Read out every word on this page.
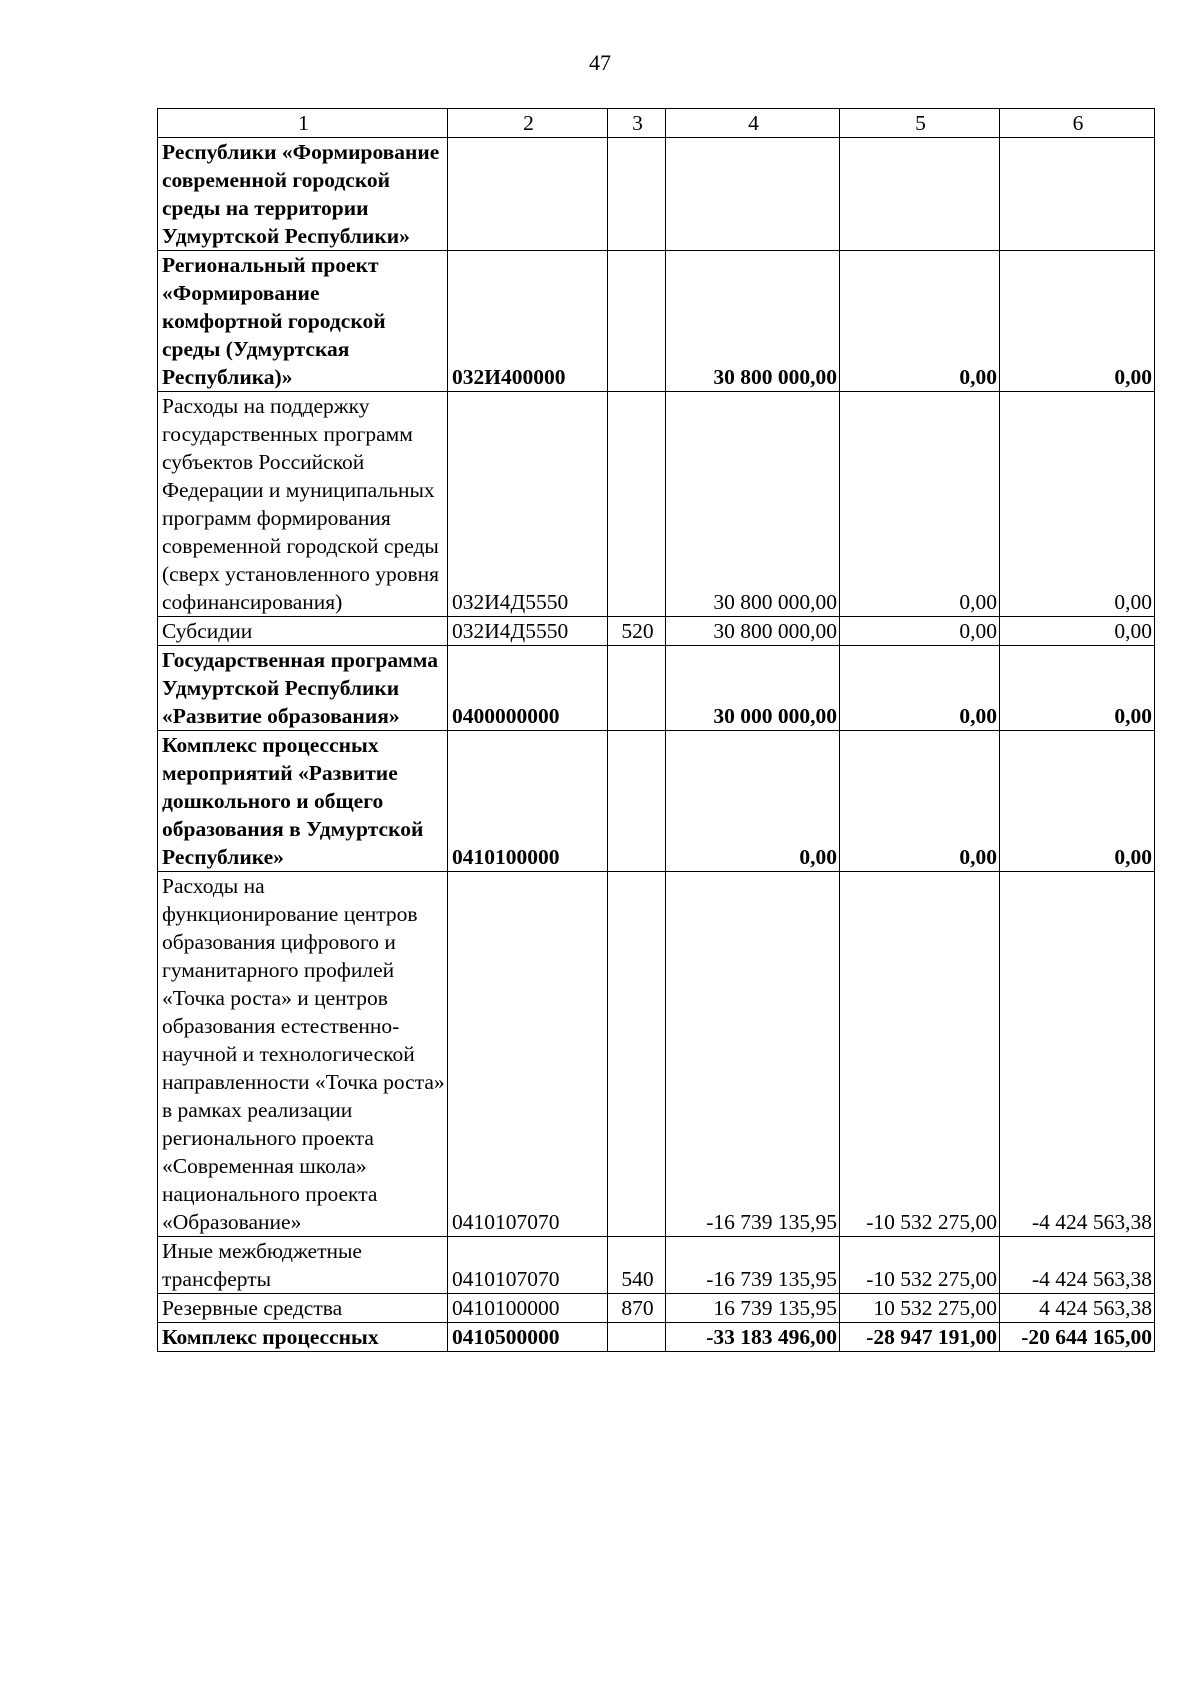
47
1	2	3	4	5	6
Республики «Формирование современной городской среды на территории Удмуртской Республики»					
Региональный проект «Формирование комфортной городской среды (Удмуртская Республика)»	032И400000		30 800 000,00	0,00	0,00
Расходы на поддержку государственных программ субъектов Российской Федерации и муниципальных программ формирования современной городской среды (сверх установленного уровня софинансирования)	032И4Д5550		30 800 000,00	0,00	0,00
Субсидии	032И4Д5550	520	30 800 000,00	0,00	0,00
Государственная программа Удмуртской Республики «Развитие образования»	0400000000		30 000 000,00	0,00	0,00
Комплекс процессных мероприятий «Развитие дошкольного и общего образования в Удмуртской Республике»	0410100000		0,00	0,00	0,00
Расходы на функционирование центров образования цифрового и гуманитарного профилей «Точка роста» и центров образования естественно-научной и технологической направленности «Точка роста» в рамках реализации регионального проекта «Современная школа» национального проекта «Образование»	0410107070		-16 739 135,95	-10 532 275,00	-4 424 563,38
Иные межбюджетные трансферты	0410107070	540	-16 739 135,95	-10 532 275,00	-4 424 563,38
Резервные средства	0410100000	870	16 739 135,95	10 532 275,00	4 424 563,38
Комплекс процессных	0410500000		-33 183 496,00	-28 947 191,00	-20 644 165,00
